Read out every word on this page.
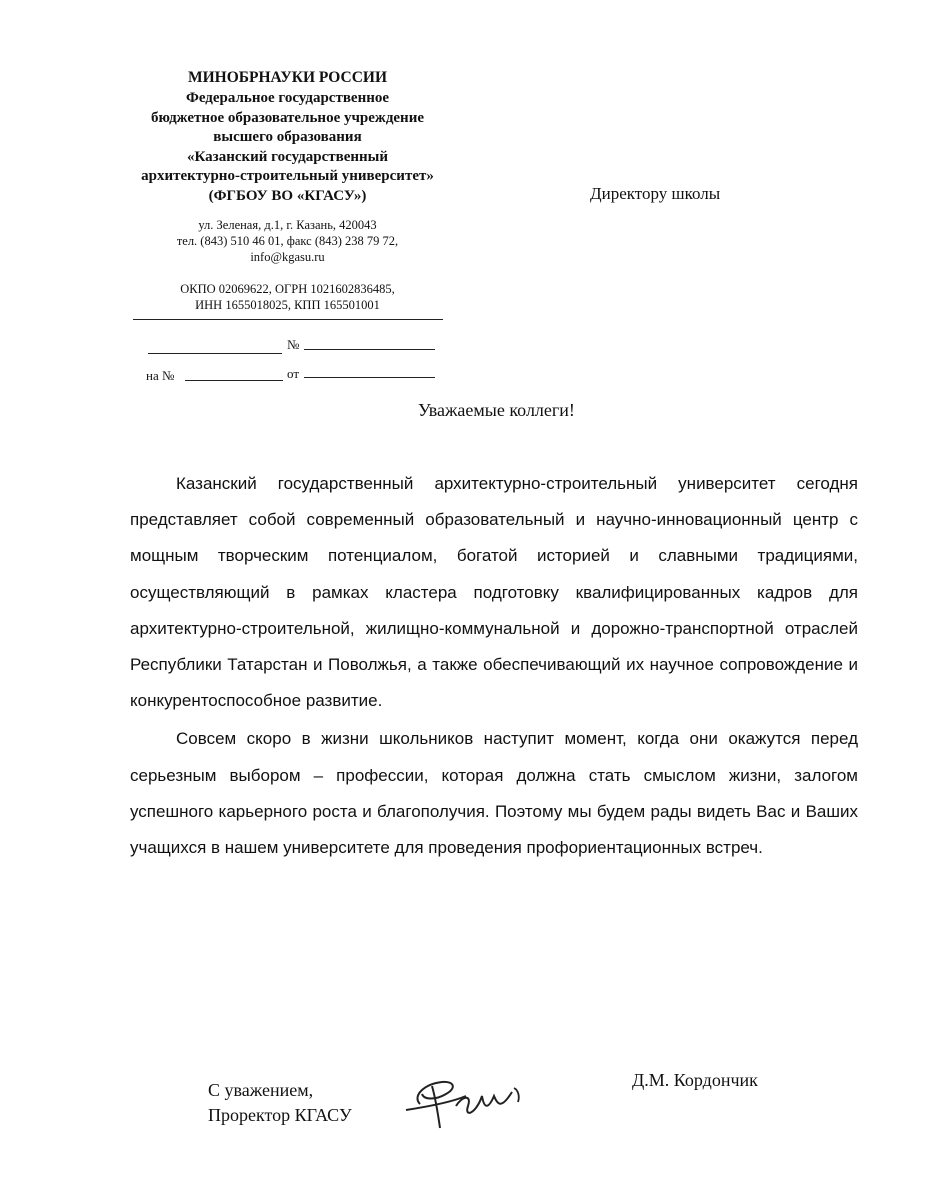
МИНОБРНАУКИ РОССИИ
Федеральное государственное
бюджетное образовательное учреждение
высшего образования
«Казанский государственный
архитектурно-строительный университет»
(ФГБОУ ВО «КГАСУ»)
ул. Зеленая, д.1, г. Казань, 420043
тел. (843) 510 46 01, факс (843) 238 79 72,
info@kgasu.ru
ОКПО 02069622, ОГРН 1021602836485,
ИНН 1655018025, КПП 165501001
№
на №	от
Директору школы
Уважаемые коллеги!

Казанский государственный архитектурно-строительный университет сегодня представляет собой современный образовательный и научно-инновационный центр с мощным творческим потенциалом, богатой историей и славными традициями, осуществляющий в рамках кластера подготовку квалифицированных кадров для архитектурно-строительной, жилищно-коммунальной и дорожно-транспортной отраслей Республики Татарстан и Поволжья, а также обеспечивающий их научное сопровождение и конкурентоспособное развитие.

Совсем скоро в жизни школьников наступит момент, когда они окажутся перед серьезным выбором – профессии, которая должна стать смыслом жизни, залогом успешного карьерного роста и благополучия. Поэтому мы будем рады видеть Вас и Ваших учащихся в нашем университете для проведения профориентационных встреч.

С уважением,
Проректор КГАСУ
Д.М. Кордончик
